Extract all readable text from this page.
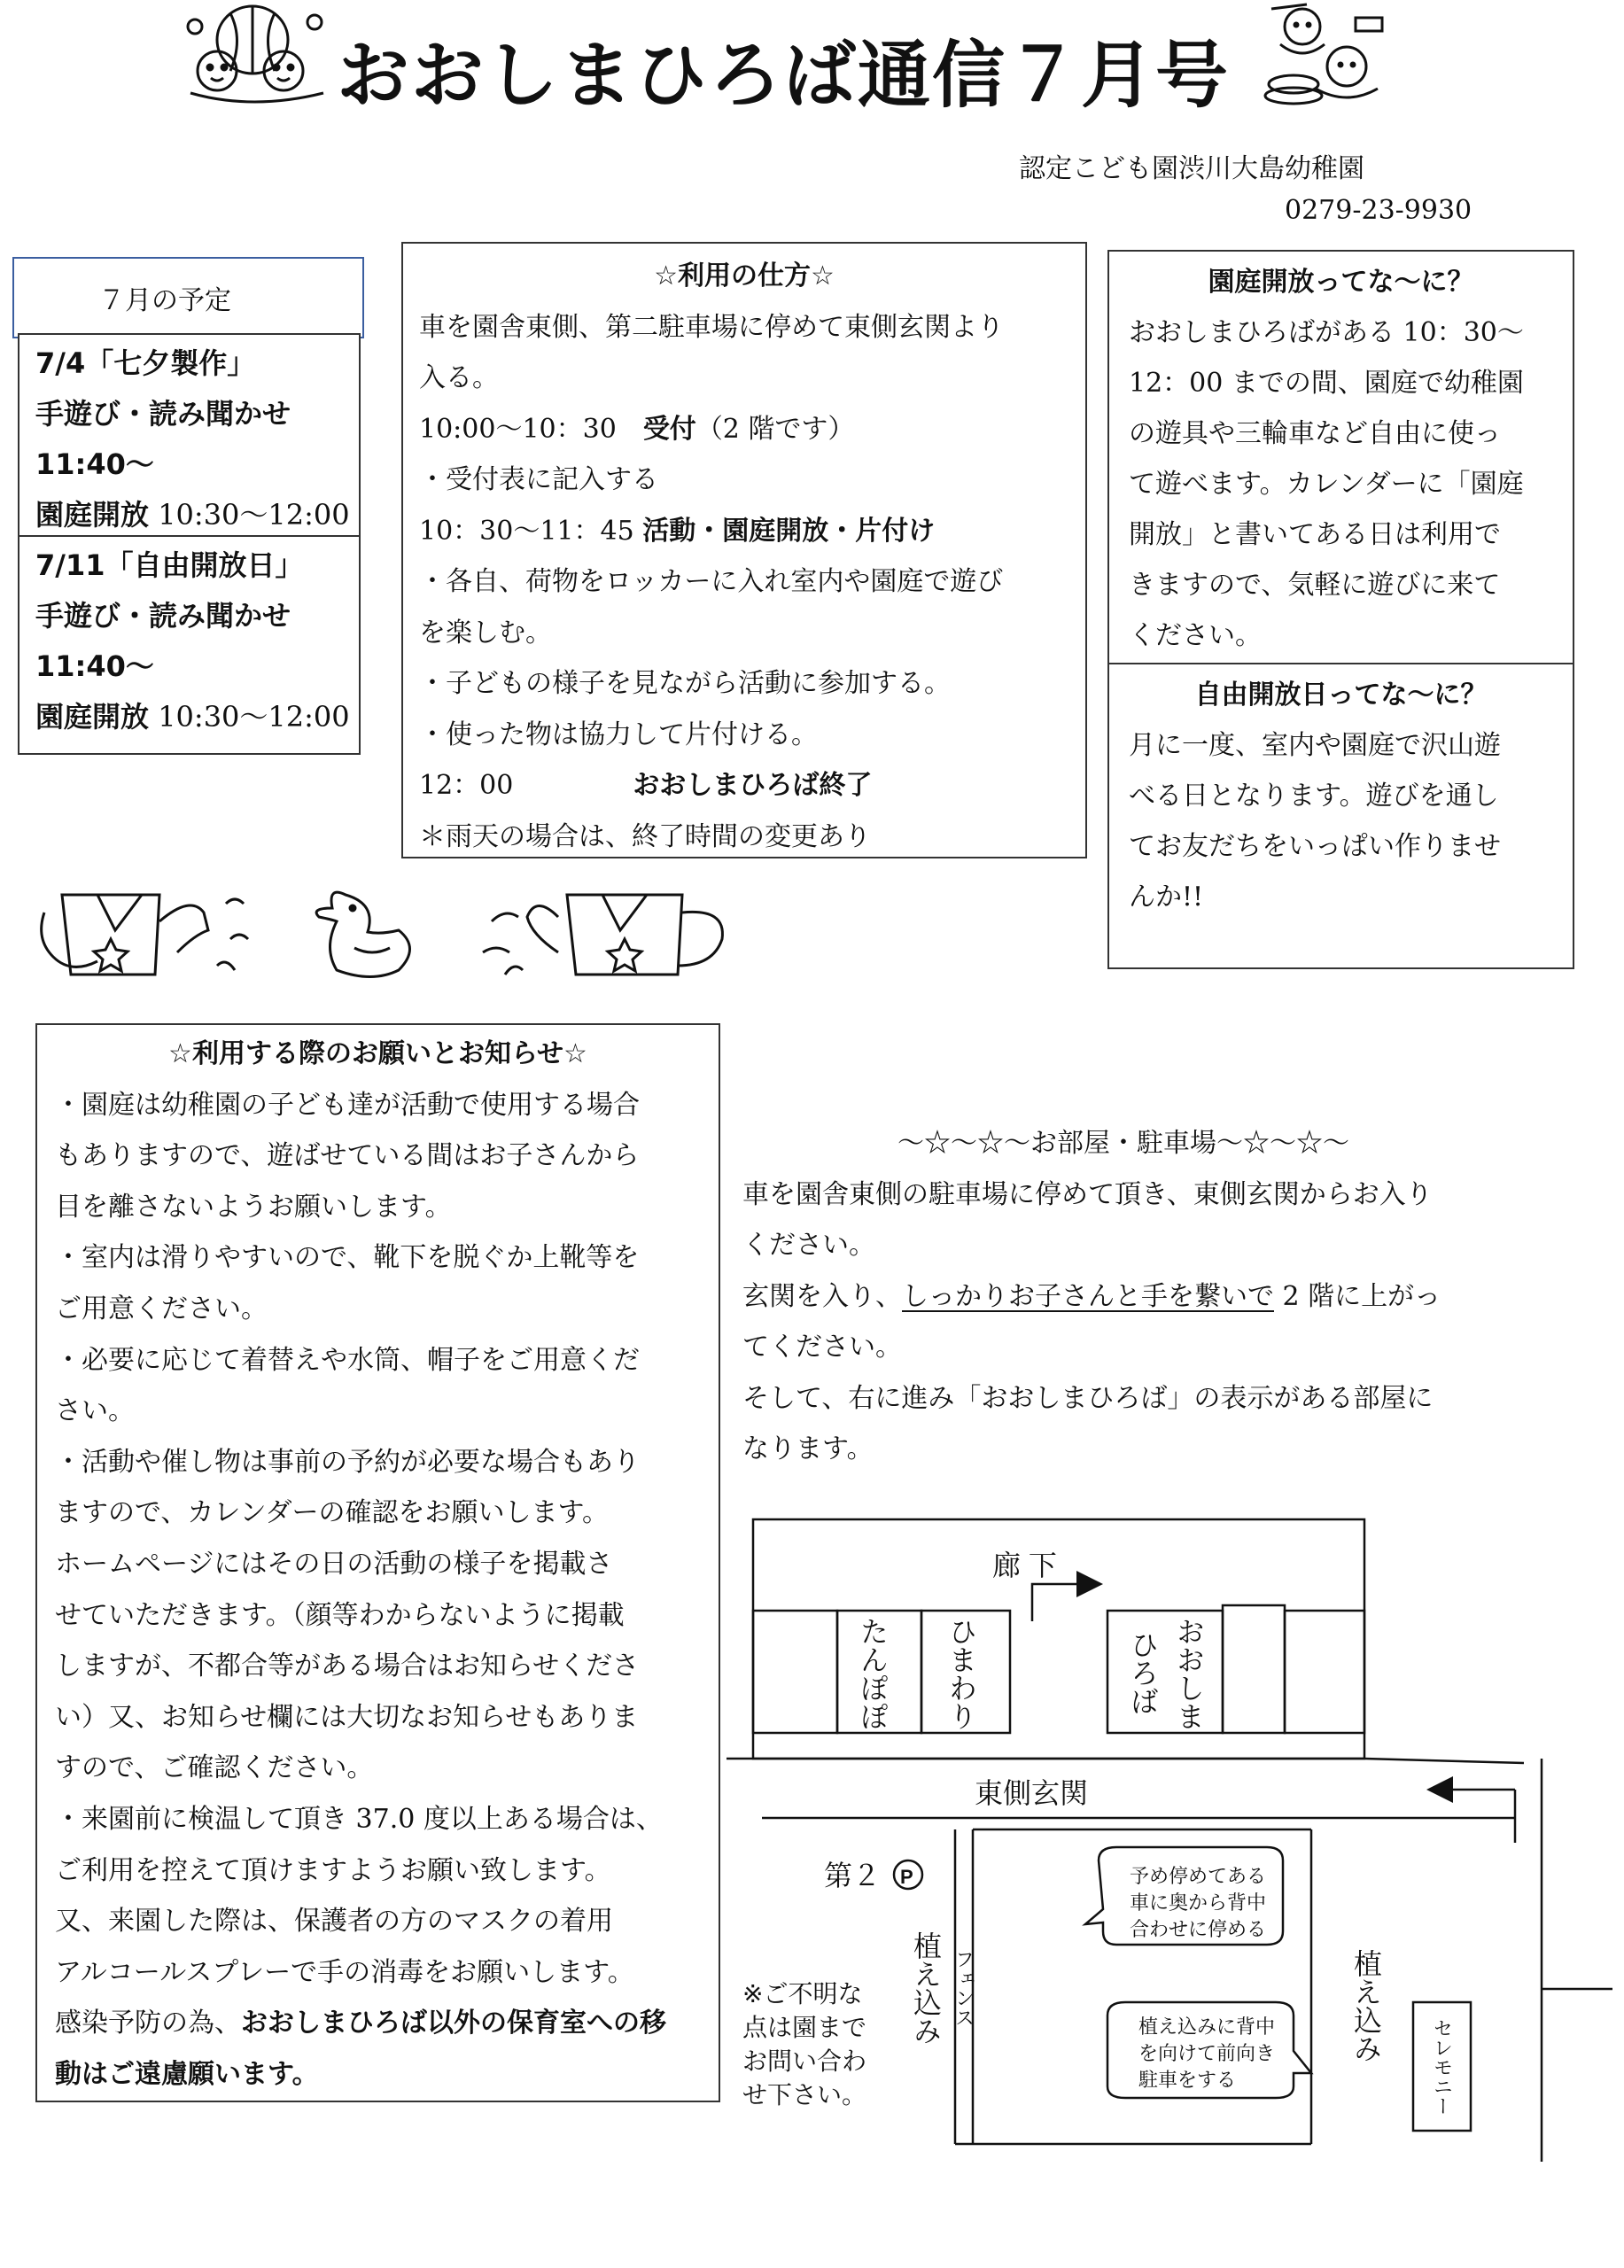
おおしまひろば通信７月号
認定こども園渋川大島幼稚園
0279-23-9930
７月の予定
7/4「七夕製作」
手遊び・読み聞かせ
11:40～
園庭開放 10:30～12:00
7/11「自由開放日」
手遊び・読み聞かせ
11:40～
園庭開放 10:30～12:00
☆利用の仕方☆
車を園舎東側、第二駐車場に停めて東側玄関より
入る。
10:00～10：30　受付（2 階です）
・受付表に記入する
10：30～11：45 活動・園庭開放・片付け
・各自、荷物をロッカーに入れ室内や園庭で遊び
を楽しむ。
・子どもの様子を見ながら活動に参加する。
・使った物は協力して片付ける。
12：00	おおしまひろば終了
＊雨天の場合は、終了時間の変更あり
園庭開放ってな～に？
おおしまひろばがある 10：30～
12：00 までの間、園庭で幼稚園
の遊具や三輪車など自由に使っ
て遊べます。カレンダーに「園庭
開放」と書いてある日は利用で
きますので、気軽に遊びに来て
ください。
自由開放日ってな～に？
月に一度、室内や園庭で沢山遊
べる日となります。遊びを通し
てお友だちをいっぱい作りませ
んか!!
☆利用する際のお願いとお知らせ☆
・園庭は幼稚園の子ども達が活動で使用する場合
もありますので、遊ばせている間はお子さんから
目を離さないようお願いします。
・室内は滑りやすいので、靴下を脱ぐか上靴等を
ご用意ください。
・必要に応じて着替えや水筒、帽子をご用意くだ
さい。
・活動や催し物は事前の予約が必要な場合もあり
ますので、カレンダーの確認をお願いします。
ホームページにはその日の活動の様子を掲載さ
せていただきます。（顔等わからないように掲載
しますが、不都合等がある場合はお知らせくださ
い）又、お知らせ欄には大切なお知らせもありま
すので、ご確認ください。
・来園前に検温して頂き 37.0 度以上ある場合は、
ご利用を控えて頂けますようお願い致します。
又、来園した際は、保護者の方のマスクの着用
アルコールスプレーで手の消毒をお願いします。
感染予防の為、おおしまひろば以外の保育室への移
動はご遠慮願います。
～☆～☆～お部屋・駐車場～☆～☆～
車を園舎東側の駐車場に停めて頂き、東側玄関からお入り
ください。
玄関を入り、しっかりお子さんと手を繋いで 2 階に上がっ
てください。
そして、右に進み「おおしまひろば」の表示がある部屋に
なります。
廊 下
たんぽぽ ひまわり	おおしま
ひろば
東側玄関
第２ P
植え込み フェンス	植え込み
セレモニー
予め停めてある
車に奥から背中
合わせに停める
植え込みに背中
を向けて前向き
駐車をする
※ご不明な
点は園まで
お問い合わ
せ下さい。
